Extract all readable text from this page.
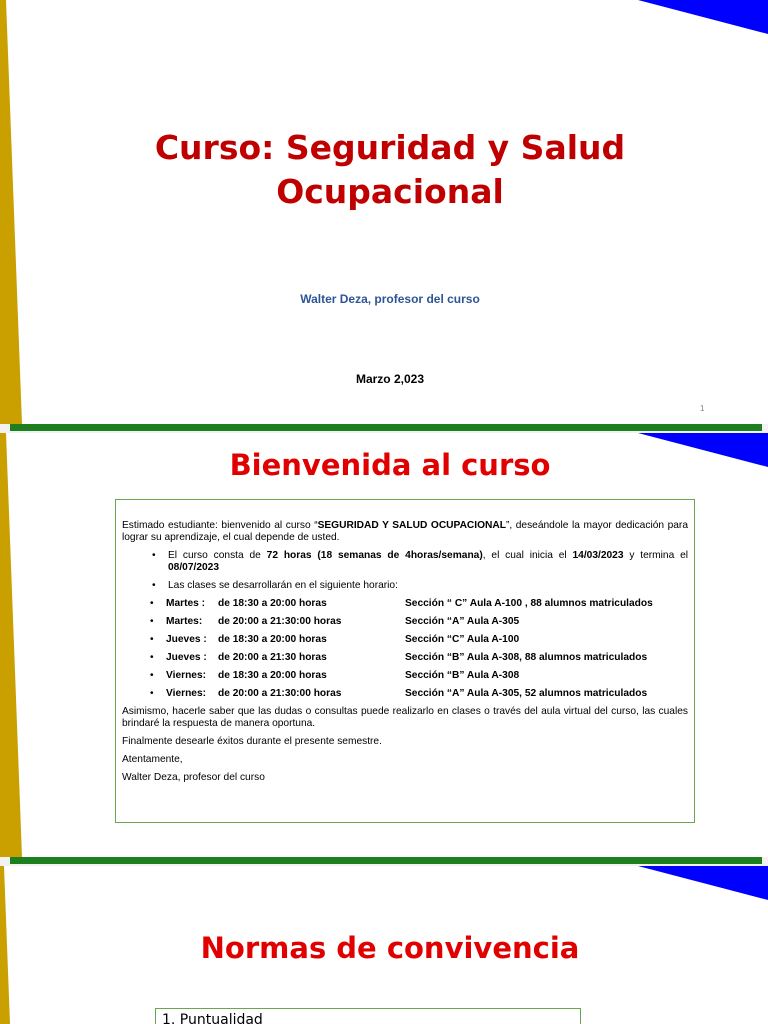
Curso: Seguridad y Salud
Ocupacional
Walter Deza, profesor del curso
Marzo 2,023
1
Bienvenida al curso

Estimado estudiante: bienvenido al curso “SEGURIDAD Y SALUD OCUPACIONAL”, deseándole la mayor dedicación para lograr su aprendizaje, el cual depende de usted.

• El curso consta de 72 horas (18 semanas de 4horas/semana), el cual inicia el 14/03/2023 y termina el 08/07/2023
• Las clases se desarrollarán en el siguiente horario:
• Martes : de 18:30 a 20:00 horas	Sección “ C” Aula A-100 , 88 alumnos matriculados
• Martes: de 20:00 a 21:30:00 horas	Sección “A” Aula A-305
• Jueves : de 18:30 a 20:00 horas	Sección “C” Aula A-100
• Jueves : de 20:00 a 21:30 horas	Sección “B” Aula A-308, 88 alumnos matriculados
• Viernes: de 18:30 a 20:00 horas	Sección “B” Aula A-308
• Viernes: de 20:00 a 21:30:00 horas	Sección “A” Aula A-305, 52 alumnos matriculados

Asimismo, hacerle saber que las dudas o consultas puede realizarlo en clases o través del aula virtual del curso, las cuales brindaré la respuesta de manera oportuna.

Finalmente desearle éxitos durante el presente semestre.

Atentamente,

Walter Deza, profesor del curso

Normas de convivencia
1. Puntualidad
